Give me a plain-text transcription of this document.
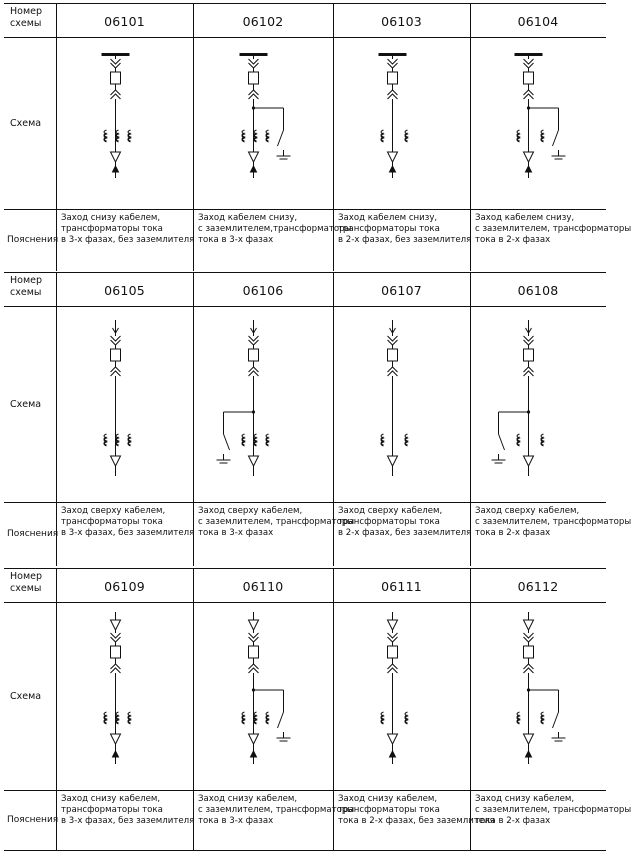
Номер
схемы
Схема
Пояснения
06101
Заход снизу кабелем,
трансформаторы тока
в 3-х фазах, без заземлителя
06102
Заход кабелем снизу,
с заземлителем,трансформаторы
тока в 3-х фазах
06103
Заход кабелем снизу,
трансформаторы тока
в 2-х фазах, без заземлителя
06104
Заход кабелем снизу,
с заземлителем, трансформаторы
тока в 2-х фазах
Номер
схемы
Схема
Пояснения
06105
Заход сверху кабелем,
трансформаторы тока
в 3-х фазах, без заземлителя
06106
Заход сверху кабелем,
с заземлителем, трансформаторы
тока в 3-х фазах
06107
Заход сверху кабелем,
трансформаторы тока
в 2-х фазах, без заземлителя
06108
Заход сверху кабелем,
с заземлителем, трансформаторы
тока в 2-х фазах
Номер
схемы
Схема
Пояснения
06109
Заход снизу кабелем,
трансформаторы тока
в 3-х фазах, без заземлителя
06110
Заход снизу кабелем,
с заземлителем, трансформаторы
тока в 3-х фазах
06111
Заход снизу кабелем,
трансформаторы тока
тока в 2-х фазах, без заземлителя
06112
Заход снизу кабелем,
с заземлителем, трансформаторы
тока в 2-х фазах
